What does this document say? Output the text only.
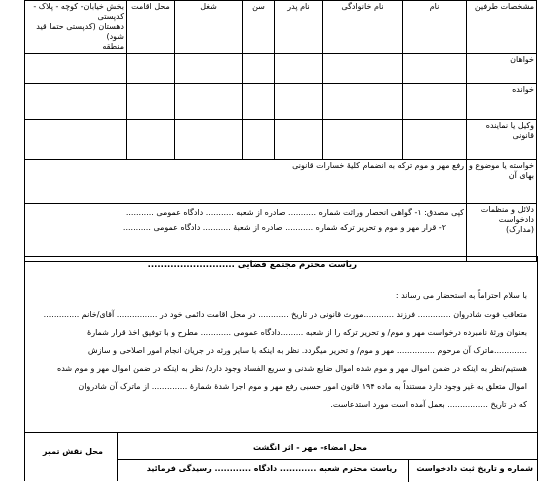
مشخصات طرفین	نام	نام خانوادگی	نام پدر	سن	شغل	محل اقامت	بخش خیابان- کوچه - پلاک - کدپستی
دهستان (کدپستی حتما قید شود)
منطقه

خواهان							
خوانده							
وکیل یا نماینده قانونی							
خواسته یا موضوع و بهای آن	رفع مهر و موم ترکه به انضمام کلیهٔ خسارات قانونی						
دلائل و منظمات دادخواست (مدارک)	کپی مصدق: ۱- گواهی انحصار وراثت شماره ........... صادره از شعبه ........... دادگاه عمومی ...........
۲- قرار مهر و موم و تحریر ترکه شماره ........... صادره از شعبهٔ ........... دادگاه عمومی ...........						
ریاست محترم مجتمع قضایی ...........................
با سلام احتراماً به استحضار می رساند :
متعاقب فوت شادروان ............. فرزند ............مورث قانونی در تاریخ ............ در محل اقامت دائمی خود در ................ آقای/خانم ..............
بعنوان ورثهٔ نامبرده درخواست مهر و موم/ و تحریر ترکه را از شعبه .........دادگاه عمومی ............ مطرح و با توفیق اخذ قرار شمارهٔ
.............ماترک آن مرحوم ............... مهر و موم/ و تحریر میگردد. نظر به اینکه با سایر ورثه در جریان انجام امور اصلاحی و سازش
هستیم/نظر به اینکه در ضمن اموال مهر و موم شده اموال ضایع شدنی و سریع الفساد وجود دارد/ نظر به اینکه در ضمن اموال مهر و موم شده
اموال متعلق به غیر وجود دارد مستنداً به ماده ۱۹۴ قانون امور حسبی رفع مهر و موم اجرا شدهٔ شمارهٔ .............. از ماترک آن شادروان
که در تاریخ ................ بعمل آمده است مورد استدعاست.
محل نقش تمبر	محل امضاء- مهر - اثر انگشت
شماره و تاریخ ثبت دادخواست
ریاست محترم شعبه ............ دادگاه ............ رسیدگی فرمائید
